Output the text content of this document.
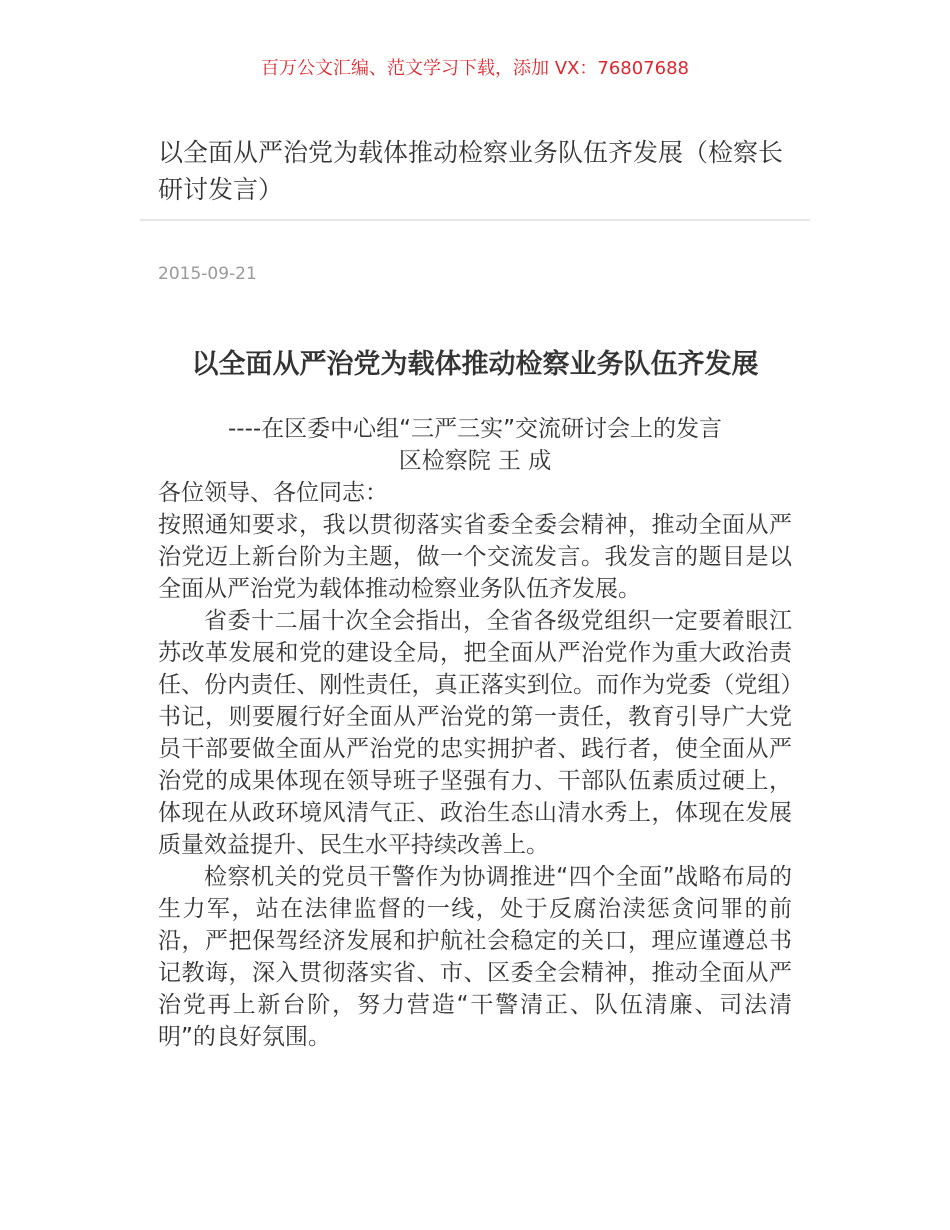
百万公文汇编、范文学习下载，添加 VX：76807688
以全面从严治党为载体推动检察业务队伍齐发展（检察长研讨发言）
2015-09-21
以全面从严治党为载体推动检察业务队伍齐发展

----在区委中心组“三严三实”交流研讨会上的发言

区检察院 王 成

各位领导、各位同志：

按照通知要求，我以贯彻落实省委全委会精神，推动全面从严治党迈上新台阶为主题，做一个交流发言。我发言的题目是以全面从严治党为载体推动检察业务队伍齐发展。

省委十二届十次全会指出，全省各级党组织一定要着眼江苏改革发展和党的建设全局，把全面从严治党作为重大政治责任、份内责任、刚性责任，真正落实到位。而作为党委（党组）书记，则要履行好全面从严治党的第一责任，教育引导广大党员干部要做全面从严治党的忠实拥护者、践行者，使全面从严治党的成果体现在领导班子坚强有力、干部队伍素质过硬上，体现在从政环境风清气正、政治生态山清水秀上，体现在发展质量效益提升、民生水平持续改善上。

检察机关的党员干警作为协调推进“四个全面”战略布局的生力军，站在法律监督的一线，处于反腐治渎惩贪问罪的前沿，严把保驾经济发展和护航社会稳定的关口，理应谨遵总书记教诲，深入贯彻落实省、市、区委全会精神，推动全面从严治党再上新台阶，努力营造“干警清正、队伍清廉、司法清明”的良好氛围。
